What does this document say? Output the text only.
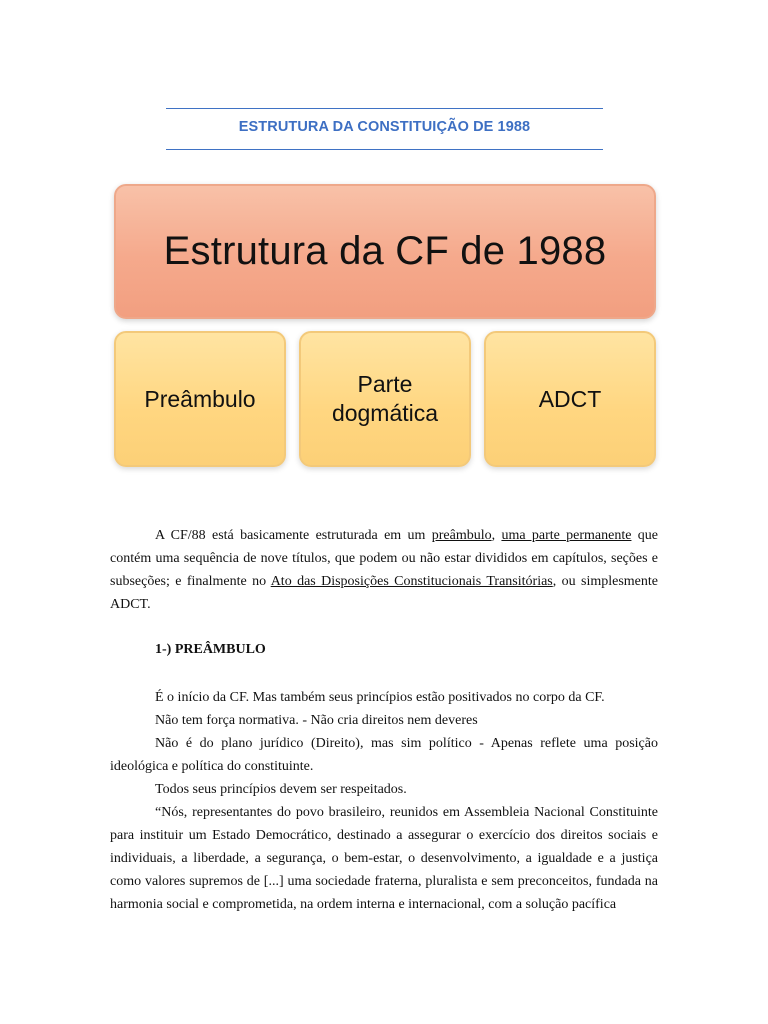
ESTRUTURA DA CONSTITUIÇÃO DE 1988
Estrutura da CF de 1988
Preâmbulo
Parte dogmática
ADCT

A CF/88 está basicamente estruturada em um preâmbulo, uma parte permanente que contém uma sequência de nove títulos, que podem ou não estar divididos em capítulos, seções e subseções; e finalmente no Ato das Disposições Constitucionais Transitórias, ou simplesmente ADCT.

1-) PREÂMBULO

É o início da CF. Mas também seus princípios estão positivados no corpo da CF.

Não tem força normativa. - Não cria direitos nem deveres

Não é do plano jurídico (Direito), mas sim político - Apenas reflete uma posição ideológica e política do constituinte.

Todos seus princípios devem ser respeitados.

“Nós, representantes do povo brasileiro, reunidos em Assembleia Nacional Constituinte para instituir um Estado Democrático, destinado a assegurar o exercício dos direitos sociais e individuais, a liberdade, a segurança, o bem-estar, o desenvolvimento, a igualdade e a justiça como valores supremos de [...] uma sociedade fraterna, pluralista e sem preconceitos, fundada na harmonia social e comprometida, na ordem interna e internacional, com a solução pacífica
